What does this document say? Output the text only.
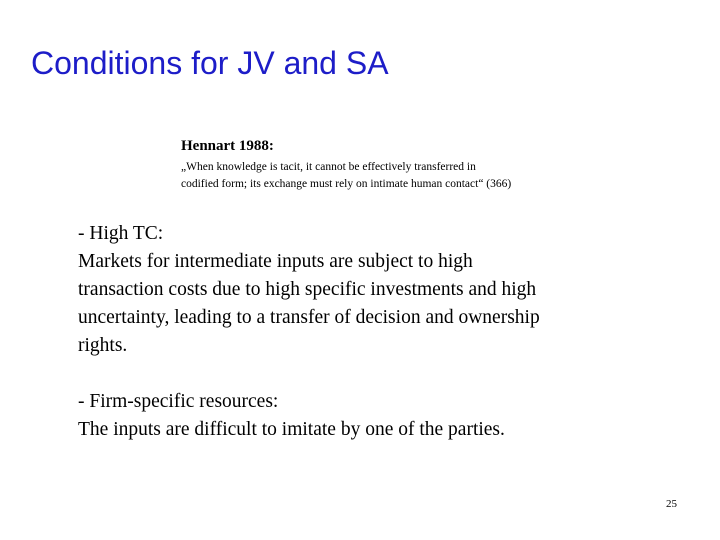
Conditions for JV and SA
Hennart 1988:
„When knowledge is tacit, it cannot be effectively transferred in
codified form; its exchange must rely on intimate human contact“ (366)
- High TC:
Markets for intermediate inputs are subject to high
transaction costs due to high specific investments and high
uncertainty, leading to a transfer of decision and ownership
rights.
- Firm-specific resources:
The inputs are difficult to imitate by one of the parties.
25
